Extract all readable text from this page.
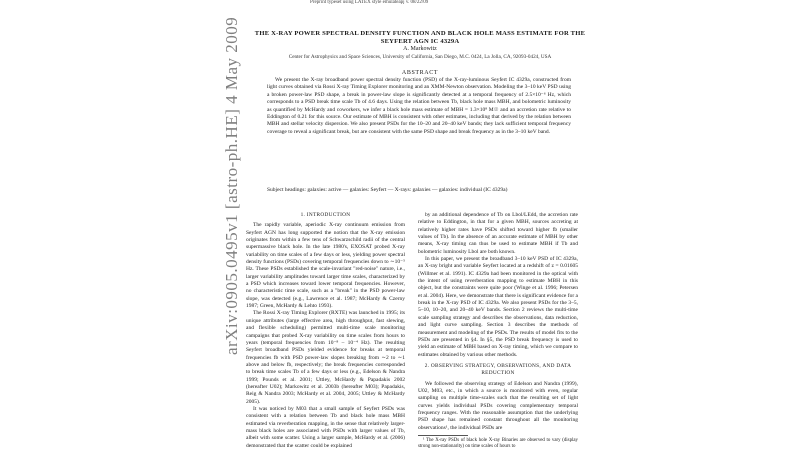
Preprint typeset using LATEX style emulateapj v. 08/22/09
arXiv:0905.0495v1 [astro-ph.HE] 4 May 2009	THE X-RAY POWER SPECTRAL DENSITY FUNCTION AND BLACK HOLE MASS ESTIMATE FOR THE SEYFERT AGN IC 4329A
A. Markowitz
Center for Astrophysics and Space Sciences, University of California, San Diego, M.C. 0424, La Jolla, CA, 92093-0424, USA
ABSTRACT
We present the X-ray broadband power spectral density function (PSD) of the X-ray-luminous Seyfert IC 4329a, constructed from light curves obtained via Rossi X-ray Timing Explorer monitoring and an XMM-Newton observation. Modeling the 3–10 keV PSD using a broken power-law PSD shape, a break in power-law slope is significantly detected at a temporal frequency of 2.5×10⁻⁶ Hz, which corresponds to a PSD break time scale Tb of 4.6 days. Using the relation between Tb, black hole mass MBH, and bolometric luminosity as quantified by McHardy and coworkers, we infer a black hole mass estimate of MBH = 1.3×10⁸ M☉ and an accretion rate relative to Eddington of 0.21 for this source. Our estimate of MBH is consistent with other estimates, including that derived by the relation between MBH and stellar velocity dispersion. We also present PSDs for the 10–20 and 20–40 keV bands; they lack sufficient temporal frequency coverage to reveal a significant break, but are consistent with the same PSD shape and break frequency as in the 3–10 keV band.
Subject headings: galaxies: active — galaxies: Seyfert — X-rays: galaxies — galaxies: individual (IC 4329a)
1. INTRODUCTION

The rapidly variable, aperiodic X-ray continuum emission from Seyfert AGN has long supported the notion that the X-ray emission originates from within a few tens of Schwarzschild radii of the central supermassive black hole. In the late 1980's, EXOSAT probed X-ray variability on time scales of a few days or less, yielding power spectral density functions (PSDs) covering temporal frequencies down to ∼10⁻⁵ Hz. These PSDs established the scale-invariant "red-noise" nature, i.e., larger variability amplitudes toward larger time scales, characterized by a PSD which increases toward lower temporal frequencies. However, no characteristic time scale, such as a "break" in the PSD power-law slope, was detected (e.g., Lawrence et al. 1987; McHardy & Czerny 1987; Green, McHardy & Lehto 1993).

The Rossi X-ray Timing Explorer (RXTE) was launched in 1995; its unique attributes (large effective area, high throughput, fast slewing, and flexible scheduling) permitted multi-time scale monitoring campaigns that probed X-ray variability on time scales from hours to years (temporal frequencies from 10⁻⁸ – 10⁻⁴ Hz). The resulting Seyfert broadband PSDs yielded evidence for breaks at temporal frequencies fb with PSD power-law slopes breaking from ∼2 to ∼1 above and below fb, respectively; the break frequencies corresponded to break time scales Tb of a few days or less (e.g., Edelson & Nandra 1999; Pounds et al. 2001; Uttley, McHardy & Papadakis 2002 (hereafter U02); Markowitz et al. 2003b (hereafter M03); Papadakis, Reig & Nandra 2003; McHardy et al. 2004, 2005; Uttley & McHardy 2005).

It was noticed by M03 that a small sample of Seyfert PSDs was consistent with a relation between Tb and black hole mass MBH estimated via reverberation mapping, in the sense that relatively larger-mass black holes are associated with PSDs with larger values of Tb, albeit with some scatter. Using a larger sample, McHardy et al. (2006) demonstrated that the scatter could be explained

by an additional dependence of Tb on Lbol/LEdd, the accretion rate relative to Eddington, in that for a given MBH, sources accreting at relatively higher rates have PSDs shifted toward higher fb (smaller values of Tb). In the absence of an accurate estimate of MBH by other means, X-ray timing can thus be used to estimate MBH if Tb and bolometric luminosity Lbol are both known.

In this paper, we present the broadband 3–10 keV PSD of IC 4329a, an X-ray bright and variable Seyfert located at a redshift of z = 0.01605 (Willmer et al. 1991). IC 4329a had been monitored in the optical with the intent of using reverberation mapping to estimate MBH in this object, but the constraints were quite poor (Winge et al. 1996; Petersen et al. 2004). Here, we demonstrate that there is significant evidence for a break in the X-ray PSD of IC 4329a. We also present PSDs for the 3–5, 5–10, 10–20, and 20–40 keV bands. Section 2 reviews the multi-time scale sampling strategy and describes the observations, data reduction, and light curve sampling. Section 3 describes the methods of measurement and modeling of the PSDs. The results of model fits to the PSDs are presented in §4. In §5, the PSD break frequency is used to yield an estimate of MBH based on X-ray timing, which we compare to estimates obtained by various other methods.

2. OBSERVING STRATEGY, OBSERVATIONS, AND DATA REDUCTION

We followed the observing strategy of Edelson and Nandra (1999), U02, M03, etc., in which a source is monitored with even, regular sampling on multiple time-scales such that the resulting set of light curves yields individual PSDs covering complementary temporal frequency ranges. With the reasonable assumption that the underlying PSD shape has remained constant throughout all the monitoring observations¹, the individual PSDs are

¹ The X-ray PSDs of black hole X-ray Binaries are observed to vary (display strong non-stationarity) on time scales of hours to
